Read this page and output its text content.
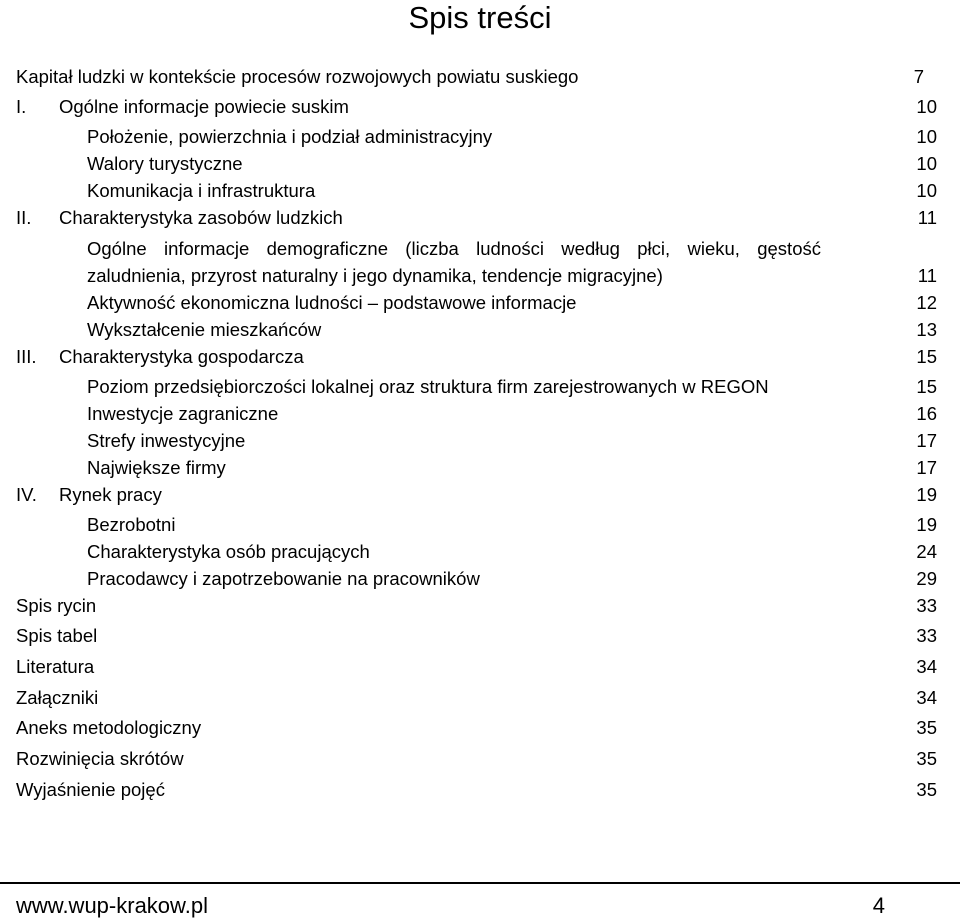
Spis treści
Kapitał ludzki w kontekście procesów rozwojowych powiatu suskiego	7
I. Ogólne informacje powiecie suskim	10
Położenie, powierzchnia i podział administracyjny	10
Walory turystyczne	10
Komunikacja i infrastruktura	10
II. Charakterystyka zasobów ludzkich	11
Ogólne informacje demograficzne (liczba ludności według płci, wieku, gęstość
zaludnienia, przyrost naturalny i jego dynamika, tendencje migracyjne)	11
Aktywność ekonomiczna ludności – podstawowe informacje	12
Wykształcenie mieszkańców	13
III. Charakterystyka gospodarcza	15
Poziom przedsiębiorczości lokalnej oraz struktura firm zarejestrowanych w REGON	15
Inwestycje zagraniczne	16
Strefy inwestycyjne	17
Największe firmy	17
IV. Rynek pracy	19
Bezrobotni	19
Charakterystyka osób pracujących	24
Pracodawcy i zapotrzebowanie na pracowników	29
Spis rycin	33
Spis tabel	33
Literatura	34
Załączniki	34
Aneks metodologiczny	35
Rozwinięcia skrótów	35
Wyjaśnienie pojęć	35
www.wup-krakow.pl	4
